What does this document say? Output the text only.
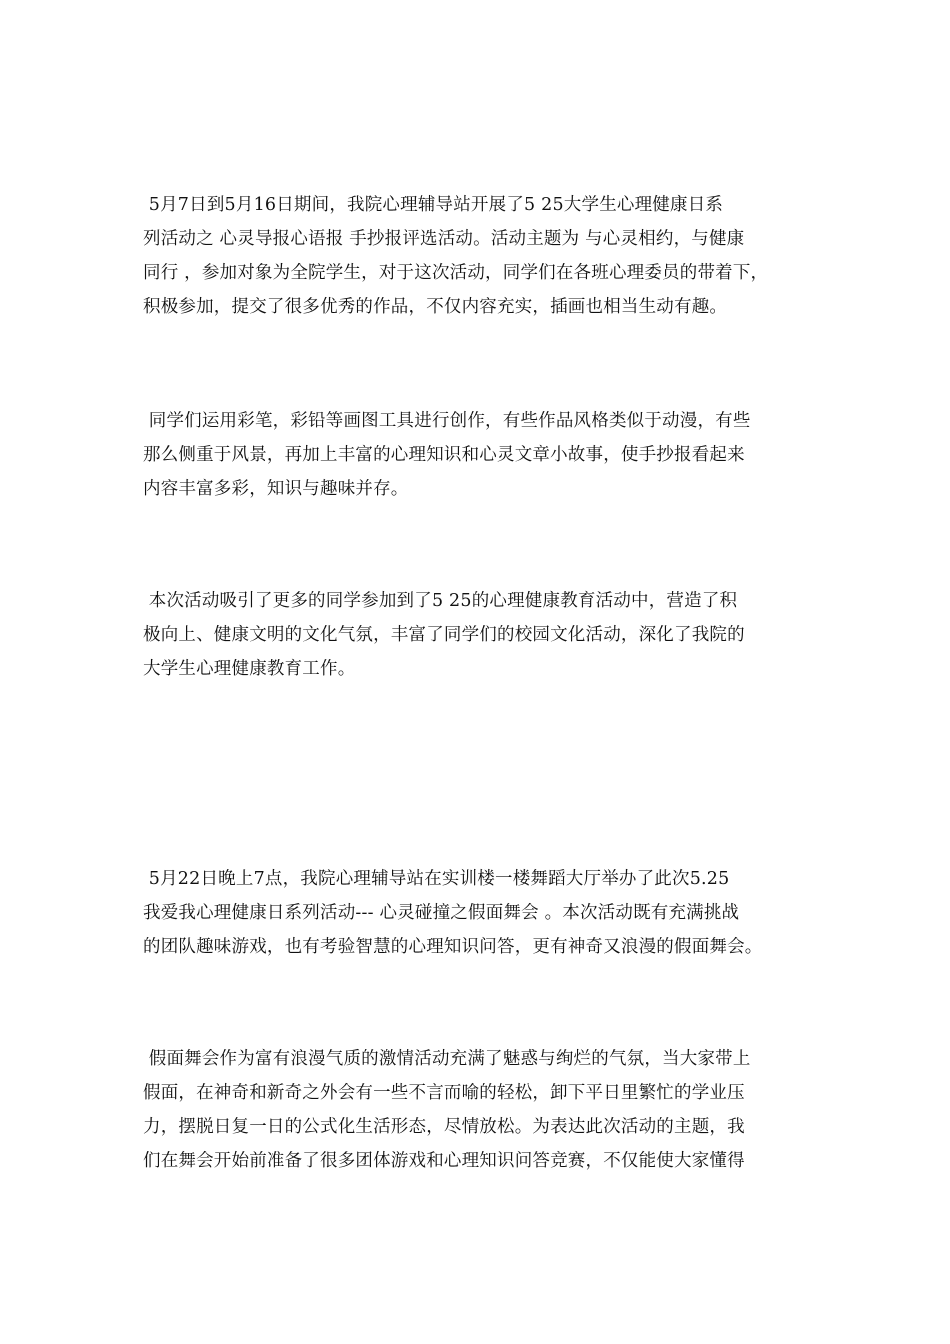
5月7日到5月16日期间，我院心理辅导站开展了5 25大学生心理健康日系
列活动之 心灵导报心语报 手抄报评选活动。活动主题为 与心灵相约，与健康
同行 ，参加对象为全院学生，对于这次活动，同学们在各班心理委员的带着下，
积极参加，提交了很多优秀的作品，不仅内容充实，插画也相当生动有趣。

同学们运用彩笔，彩铅等画图工具进行创作，有些作品风格类似于动漫，有些
那么侧重于风景，再加上丰富的心理知识和心灵文章小故事，使手抄报看起来
内容丰富多彩，知识与趣味并存。

本次活动吸引了更多的同学参加到了5 25的心理健康教育活动中，营造了积
极向上、健康文明的文化气氛，丰富了同学们的校园文化活动，深化了我院的
大学生心理健康教育工作。

5月22日晚上7点，我院心理辅导站在实训楼一楼舞蹈大厅举办了此次5.25
我爱我心理健康日系列活动--- 心灵碰撞之假面舞会 。本次活动既有充满挑战
的团队趣味游戏，也有考验智慧的心理知识问答，更有神奇又浪漫的假面舞会。

假面舞会作为富有浪漫气质的激情活动充满了魅惑与绚烂的气氛，当大家带上
假面，在神奇和新奇之外会有一些不言而喻的轻松，卸下平日里繁忙的学业压
力，摆脱日复一日的公式化生活形态，尽情放松。为表达此次活动的主题，我
们在舞会开始前准备了很多团体游戏和心理知识问答竞赛，不仅能使大家懂得
